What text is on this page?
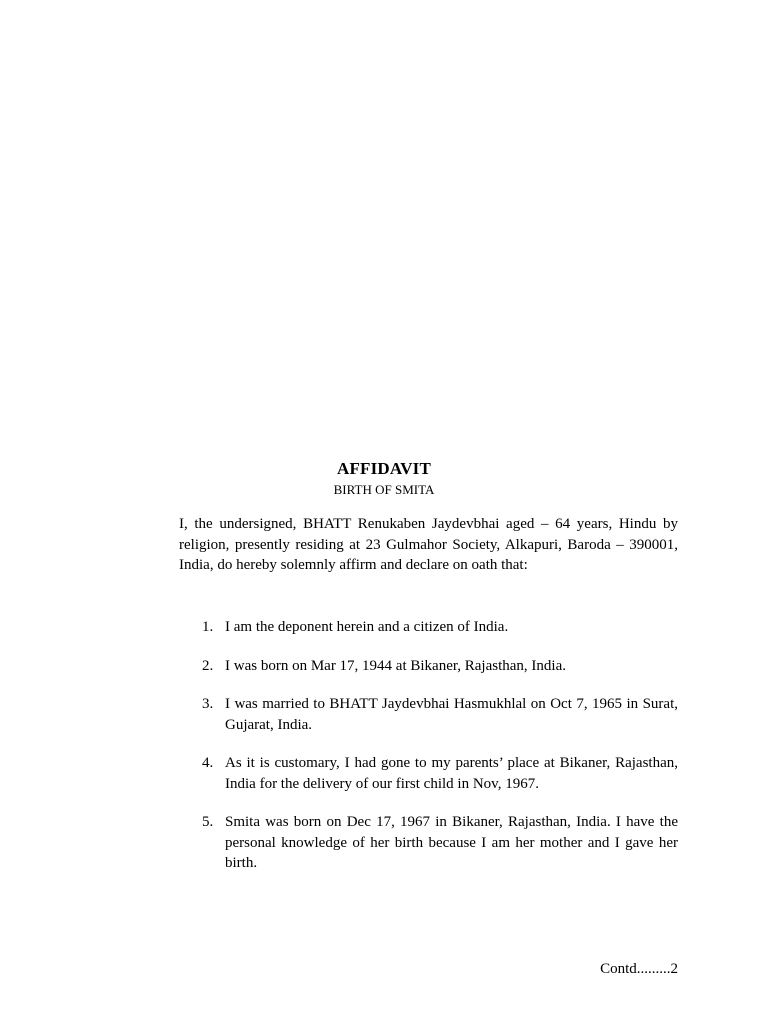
AFFIDAVIT
BIRTH OF SMITA
I, the undersigned, BHATT Renukaben Jaydevbhai aged – 64 years, Hindu by religion, presently residing at 23 Gulmahor Society, Alkapuri, Baroda – 390001, India, do hereby solemnly affirm and declare on oath that:
1. I am the deponent herein and a citizen of India.
2. I was born on Mar 17, 1944 at Bikaner, Rajasthan, India.
3. I was married to BHATT Jaydevbhai Hasmukhlal on Oct 7, 1965 in Surat, Gujarat, India.
4. As it is customary, I had gone to my parents’ place at Bikaner, Rajasthan, India for the delivery of our first child in Nov, 1967.
5. Smita was born on Dec 17, 1967 in Bikaner, Rajasthan, India. I have the personal knowledge of her birth because I am her mother and I gave her birth.
Contd.........2
